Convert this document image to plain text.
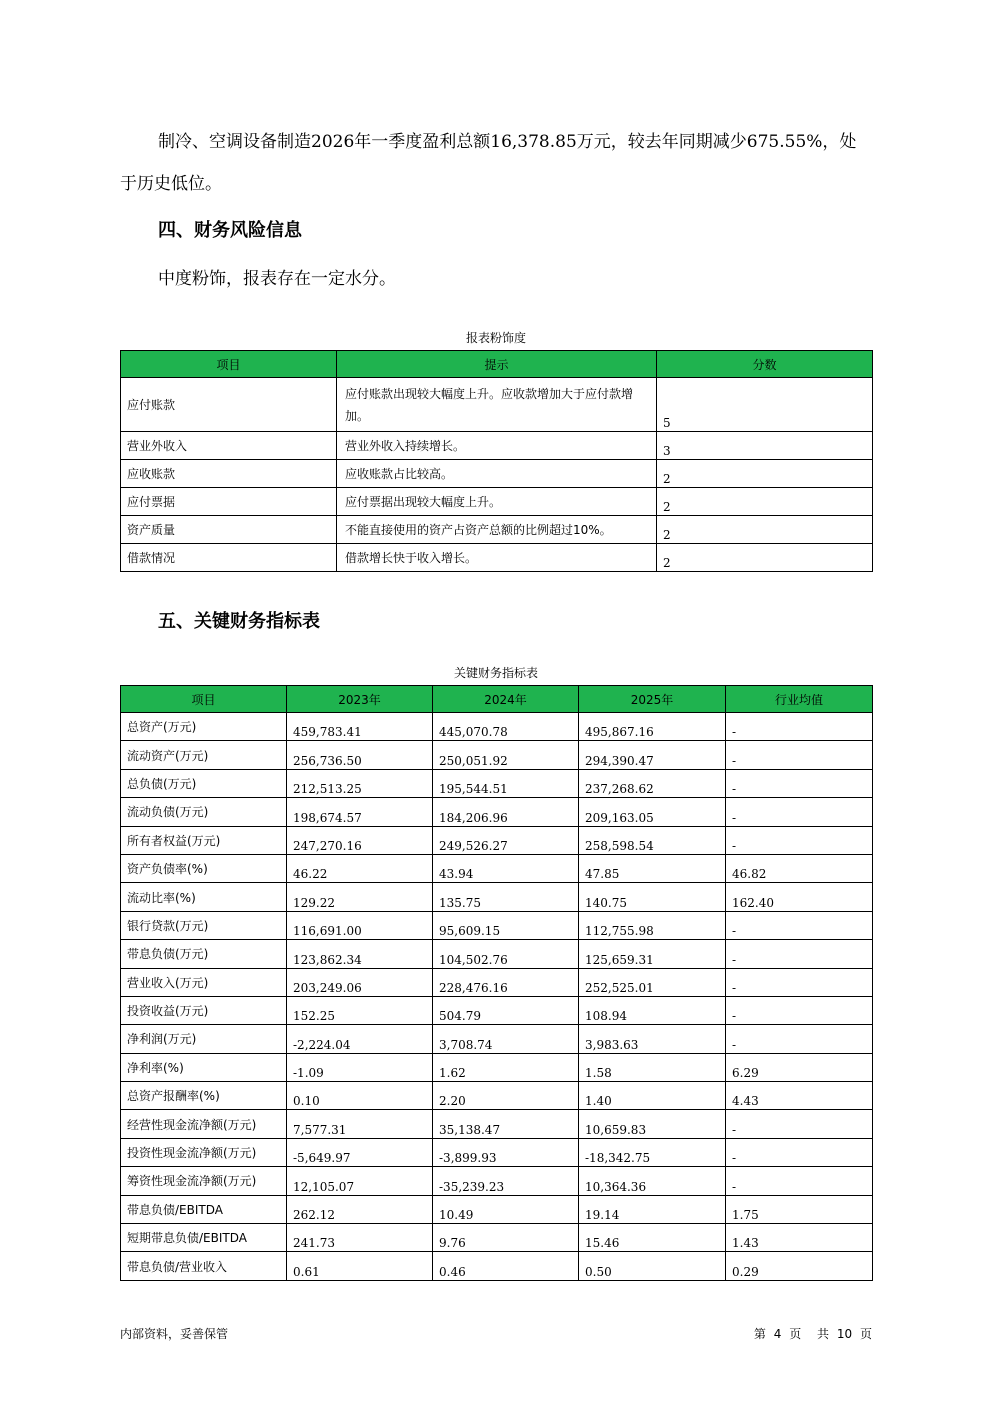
制冷、空调设备制造2026年一季度盈利总额16,378.85万元，较去年同期减少675.55%，处于历史低位。

四、财务风险信息

中度粉饰，报表存在一定水分。

报表粉饰度
项目	提示	分数
应付账款	应付账款出现较大幅度上升。应收款增加大于应付款增加。	5
营业外收入	营业外收入持续增长。	3
应收账款	应收账款占比较高。	2
应付票据	应付票据出现较大幅度上升。	2
资产质量	不能直接使用的资产占资产总额的比例超过10%。	2
借款情况	借款增长快于收入增长。	2
五、关键财务指标表
关键财务指标表
项目	2023年	2024年	2025年	行业均值
总资产(万元)	459,783.41	445,070.78	495,867.16	-
流动资产(万元)	256,736.50	250,051.92	294,390.47	-
总负债(万元)	212,513.25	195,544.51	237,268.62	-
流动负债(万元)	198,674.57	184,206.96	209,163.05	-
所有者权益(万元)	247,270.16	249,526.27	258,598.54	-
资产负债率(%)	46.22	43.94	47.85	46.82
流动比率(%)	129.22	135.75	140.75	162.40
银行贷款(万元)	116,691.00	95,609.15	112,755.98	-
带息负债(万元)	123,862.34	104,502.76	125,659.31	-
营业收入(万元)	203,249.06	228,476.16	252,525.01	-
投资收益(万元)	152.25	504.79	108.94	-
净利润(万元)	-2,224.04	3,708.74	3,983.63	-
净利率(%)	-1.09	1.62	1.58	6.29
总资产报酬率(%)	0.10	2.20	1.40	4.43
经营性现金流净额(万元)	7,577.31	35,138.47	10,659.83	-
投资性现金流净额(万元)	-5,649.97	-3,899.93	-18,342.75	-
筹资性现金流净额(万元)	12,105.07	-35,239.23	10,364.36	-
带息负债/EBITDA	262.12	10.49	19.14	1.75
短期带息负债/EBITDA	241.73	9.76	15.46	1.43
带息负债/营业收入	0.61	0.46	0.50	0.29
内部资料，妥善保管	第 4 页 共 10 页
